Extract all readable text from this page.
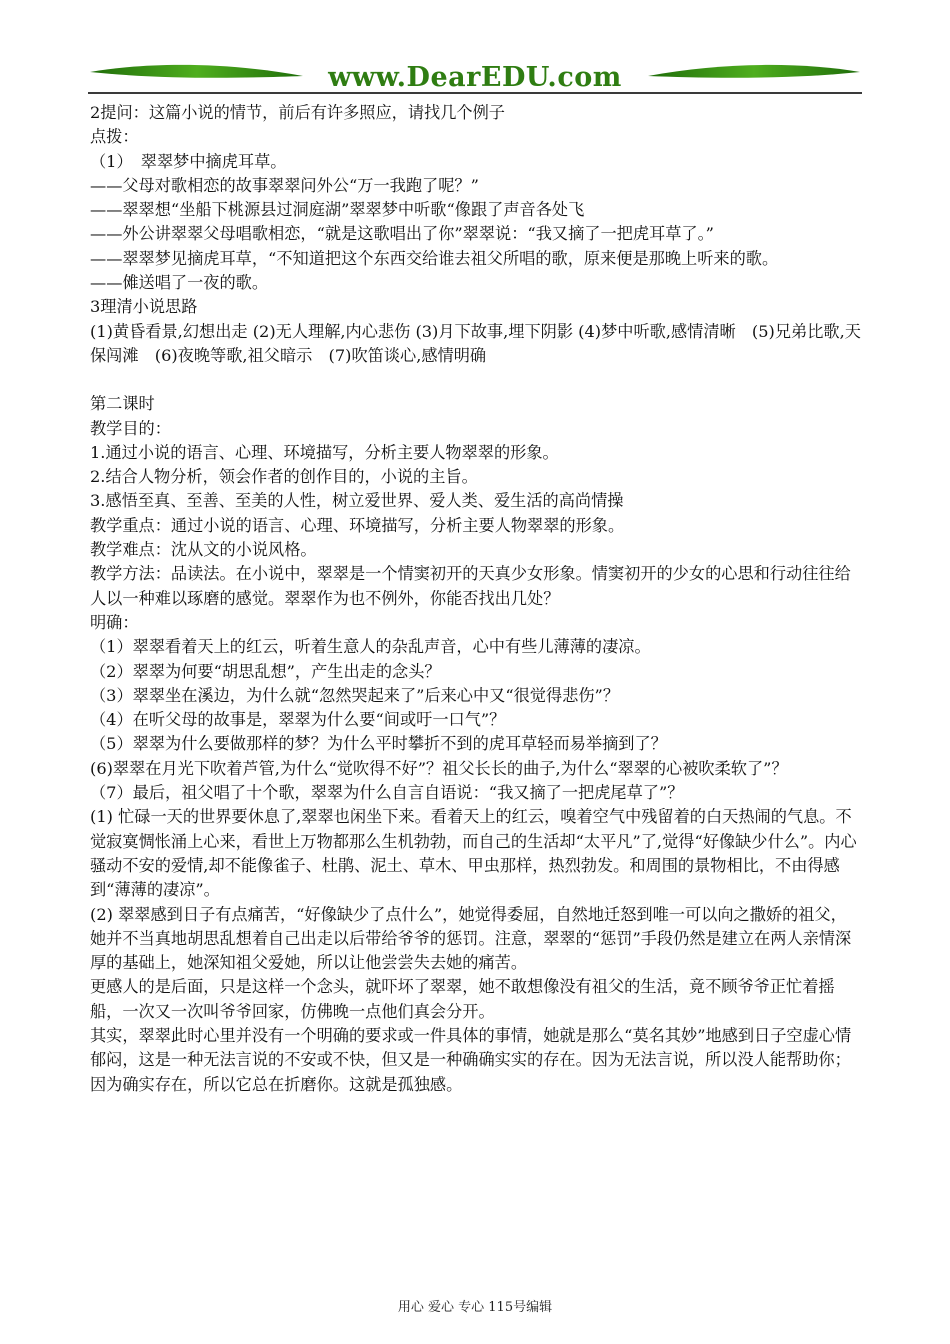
www.DearEDU.com

2提问：这篇小说的情节，前后有许多照应，请找几个例子

点拨：

（1）　翠翠梦中摘虎耳草。

——父母对歌相恋的故事翠翠问外公“万一我跑了呢？”

——翠翠想“坐船下桃源县过洞庭湖”翠翠梦中听歌“像跟了声音各处飞

——外公讲翠翠父母唱歌相恋，“就是这歌唱出了你”翠翠说：“我又摘了一把虎耳草了。”

——翠翠梦见摘虎耳草，“不知道把这个东西交给谁去祖父所唱的歌，原来便是那晚上听来的歌。

——傩送唱了一夜的歌。

3理清小说思路

(1)黄昏看景,幻想出走 (2)无人理解,内心悲伤 (3)月下故事,埋下阴影 (4)梦中听歌,感情清晰　(5)兄弟比歌,天保闯滩　(6)夜晚等歌,祖父暗示　(7)吹笛谈心,感情明确

第二课时

教学目的：

1.通过小说的语言、心理、环境描写，分析主要人物翠翠的形象。

2.结合人物分析，领会作者的创作目的，小说的主旨。

3.感悟至真、至善、至美的人性，树立爱世界、爱人类、爱生活的高尚情操

教学重点：通过小说的语言、心理、环境描写，分析主要人物翠翠的形象。

教学难点：沈从文的小说风格。

教学方法：品读法。在小说中，翠翠是一个情窦初开的天真少女形象。情窦初开的少女的心思和行动往往给人以一种难以琢磨的感觉。翠翠作为也不例外，你能否找出几处？

明确：

（1）翠翠看着天上的红云，听着生意人的杂乱声音，心中有些儿薄薄的凄凉。

（2）翠翠为何要“胡思乱想”，产生出走的念头？

（3）翠翠坐在溪边，为什么就“忽然哭起来了”后来心中又“很觉得悲伤”？

（4）在听父母的故事是，翠翠为什么要“间或吁一口气”？

（5）翠翠为什么要做那样的梦？为什么平时攀折不到的虎耳草轻而易举摘到了？

(6)翠翠在月光下吹着芦管,为什么“觉吹得不好”？祖父长长的曲子,为什么“翠翠的心被吹柔软了”？

（7）最后，祖父唱了十个歌，翠翠为什么自言自语说：“我又摘了一把虎尾草了”？

(1) 忙碌一天的世界要休息了,翠翠也闲坐下来。看着天上的红云，嗅着空气中残留着的白天热闹的气息。不觉寂寞惆怅涌上心来，看世上万物都那么生机勃勃，而自己的生活却“太平凡”了,觉得“好像缺少什么”。内心骚动不安的爱情,却不能像雀子、杜鹃、泥土、草木、甲虫那样，热烈勃发。和周围的景物相比，不由得感到“薄薄的凄凉”。

(2) 翠翠感到日子有点痛苦，“好像缺少了点什么”，她觉得委屈，自然地迁怒到唯一可以向之撒娇的祖父，她并不当真地胡思乱想着自己出走以后带给爷爷的惩罚。注意，翠翠的“惩罚”手段仍然是建立在两人亲情深厚的基础上，她深知祖父爱她，所以让他尝尝失去她的痛苦。

更感人的是后面，只是这样一个念头，就吓坏了翠翠，她不敢想像没有祖父的生活，竟不顾爷爷正忙着摇船，一次又一次叫爷爷回家，仿佛晚一点他们真会分开。

其实，翠翠此时心里并没有一个明确的要求或一件具体的事情，她就是那么“莫名其妙”地感到日子空虚心情郁闷，这是一种无法言说的不安或不快，但又是一种确确实实的存在。因为无法言说，所以没人能帮助你；因为确实存在，所以它总在折磨你。这就是孤独感。

用心 爱心 专心 115号编辑
